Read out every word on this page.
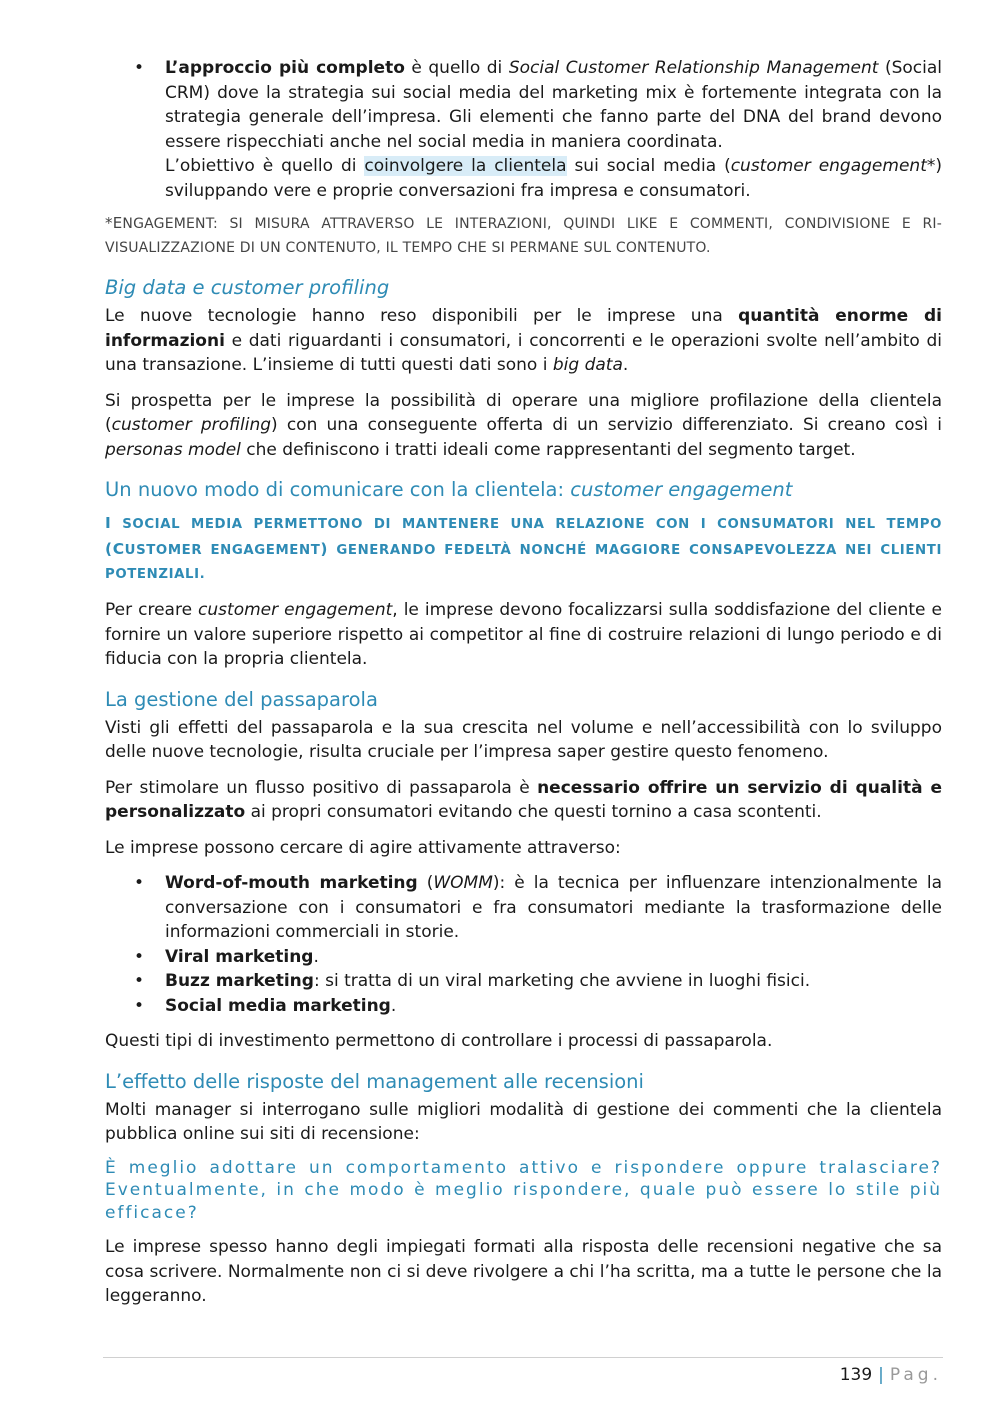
• L’approccio più completo è quello di Social Customer Relationship Management (Social CRM) dove la strategia sui social media del marketing mix è fortemente integrata con la strategia generale dell’impresa. Gli elementi che fanno parte del DNA del brand devono essere rispecchiati anche nel social media in maniera coordinata.
L’obiettivo è quello di coinvolgere la clientela sui social media (customer engagement*) sviluppando vere e proprie conversazioni fra impresa e consumatori.

*ENGAGEMENT: SI MISURA ATTRAVERSO LE INTERAZIONI, QUINDI LIKE E COMMENTI, CONDIVISIONE E RI-VISUALIZZAZIONE DI UN CONTENUTO, IL TEMPO CHE SI PERMANE SUL CONTENUTO.

Big data e customer profiling

Le nuove tecnologie hanno reso disponibili per le imprese una quantità enorme di informazioni e dati riguardanti i consumatori, i concorrenti e le operazioni svolte nell’ambito di una transazione. L’insieme di tutti questi dati sono i big data.

Si prospetta per le imprese la possibilità di operare una migliore profilazione della clientela (customer profiling) con una conseguente offerta di un servizio differenziato. Si creano così i personas model che definiscono i tratti ideali come rappresentanti del segmento target.

Un nuovo modo di comunicare con la clientela: customer engagement

I SOCIAL MEDIA PERMETTONO DI MANTENERE UNA RELAZIONE CON I CONSUMATORI NEL TEMPO (CUSTOMER ENGAGEMENT) GENERANDO FEDELTÀ NONCHÉ MAGGIORE CONSAPEVOLEZZA NEI CLIENTI POTENZIALI.

Per creare customer engagement, le imprese devono focalizzarsi sulla soddisfazione del cliente e fornire un valore superiore rispetto ai competitor al fine di costruire relazioni di lungo periodo e di fiducia con la propria clientela.

La gestione del passaparola

Visti gli effetti del passaparola e la sua crescita nel volume e nell’accessibilità con lo sviluppo delle nuove tecnologie, risulta cruciale per l’impresa saper gestire questo fenomeno.

Per stimolare un flusso positivo di passaparola è necessario offrire un servizio di qualità e personalizzato ai propri consumatori evitando che questi tornino a casa scontenti.

Le imprese possono cercare di agire attivamente attraverso:

• Word-of-mouth marketing (WOMM): è la tecnica per influenzare intenzionalmente la conversazione con i consumatori e fra consumatori mediante la trasformazione delle informazioni commerciali in storie.
• Viral marketing.
• Buzz marketing: si tratta di un viral marketing che avviene in luoghi fisici.
• Social media marketing.

Questi tipi di investimento permettono di controllare i processi di passaparola.

L’effetto delle risposte del management alle recensioni

Molti manager si interrogano sulle migliori modalità di gestione dei commenti che la clientela pubblica online sui siti di recensione:

È meglio adottare un comportamento attivo e rispondere oppure tralasciare? Eventualmente, in che modo è meglio rispondere, quale può essere lo stile più efficace?

Le imprese spesso hanno degli impiegati formati alla risposta delle recensioni negative che sa cosa scrivere. Normalmente non ci si deve rivolgere a chi l’ha scritta, ma a tutte le persone che la leggeranno.

139 | Pag.
